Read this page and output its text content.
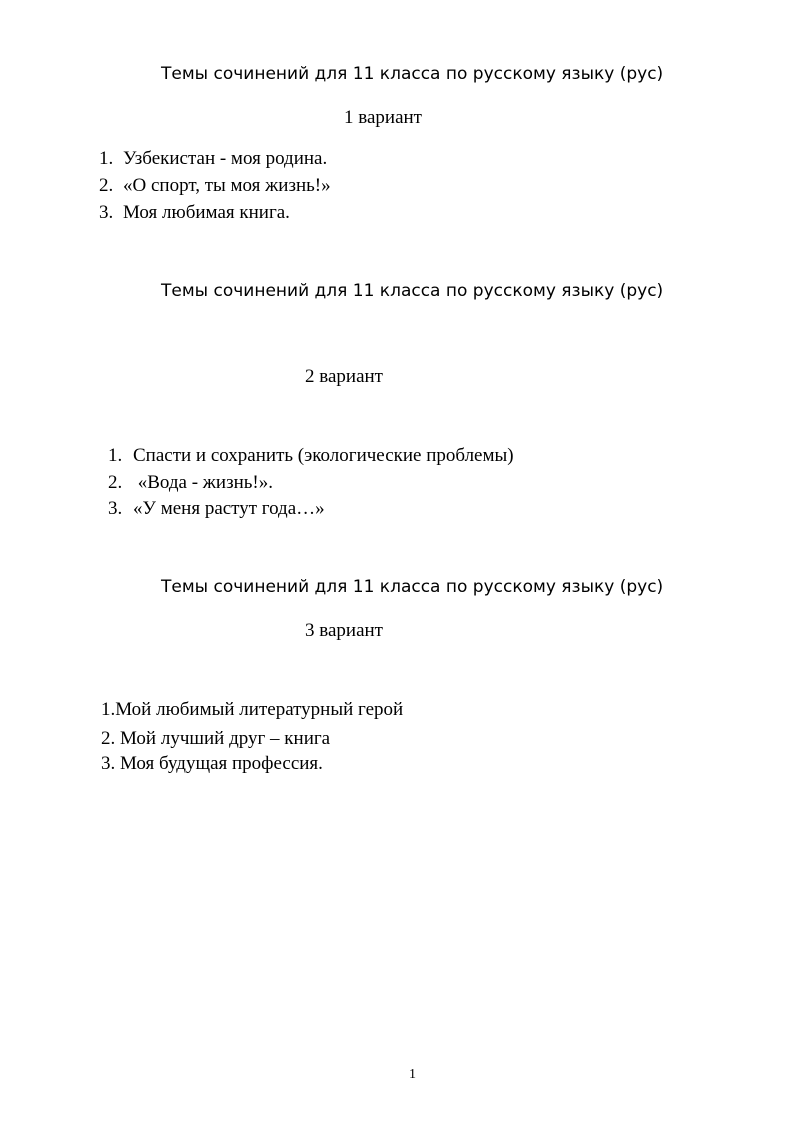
Темы сочинений для 11 класса по русскому языку (рус)
1 вариант
1. Узбекистан - моя родина.
2. «О спорт, ты моя жизнь!»
3. Моя любимая книга.
Темы сочинений для 11 класса по русскому языку (рус)
2 вариант
1. Спасти и сохранить (экологические проблемы)
2. «Вода - жизнь!».
3. «У меня растут года…»
Темы сочинений для 11 класса по русскому языку (рус)
3 вариант
1.Мой любимый литературный герой
2. Мой лучший друг – книга
3. Моя будущая профессия.
1
